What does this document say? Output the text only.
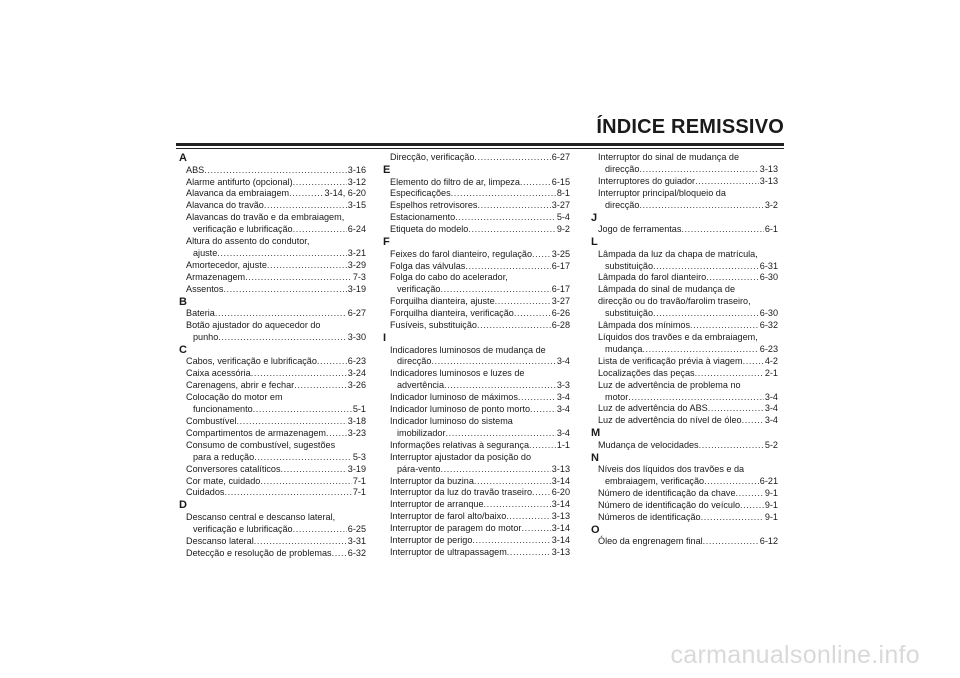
ÍNDICE REMISSIVO
A
ABS .....	3-16
Alarme antifurto (opcional) .....	3-12
Alavanca da embraiagem .....	3-14, 6-20
Alavanca do travão .....	3-15
Alavancas do travão e da embraiagem,
verificação e lubrificação .....	6-24
Altura do assento do condutor,
ajuste .....	3-21
Amortecedor, ajuste .....	3-29
Armazenagem .....	7-3
Assentos .....	3-19
B
Bateria .....	6-27
Botão ajustador do aquecedor do
punho .....	3-30
C
Cabos, verificação e lubrificação .....	6-23
Caixa acessória .....	3-24
Carenagens, abrir e fechar .....	3-26
Colocação do motor em
funcionamento .....	5-1
Combustível .....	3-18
Compartimentos de armazenagem ..... 3-23
Consumo de combustível, sugestões
para a redução .....	5-3
Conversores catalíticos .....	3-19
Cor mate, cuidado .....	7-1
Cuidados .....	7-1
D
Descanso central e descanso lateral,
verificação e lubrificação .....	6-25
Descanso lateral .....	3-31
Detecção e resolução de problemas ..... 6-32
Direcção, verificação .....	6-27
E
Elemento do filtro de ar, limpeza .....	6-15
Especificações .....	8-1
Espelhos retrovisores .....	3-27
Estacionamento .....	5-4
Etiqueta do modelo .....	9-2
F
Feixes do farol dianteiro, regulação ..... 3-25
Folga das válvulas .....	6-17
Folga do cabo do acelerador,
verificação .....	6-17
Forquilha dianteira, ajuste .....	3-27
Forquilha dianteira, verificação .....	6-26
Fusíveis, substituição .....	6-28
I
Indicadores luminosos de mudança de
direcção .....	3-4
Indicadores luminosos e luzes de
advertência .....	3-3
Indicador luminoso de máximos .....	3-4
Indicador luminoso de ponto morto .....	3-4
Indicador luminoso do sistema
imobilizador .....	3-4
Informações relativas à segurança .....	1-1
Interruptor ajustador da posição do
pára-vento .....	3-13
Interruptor da buzina .....	3-14
Interruptor da luz do travão traseiro ..... 6-20
Interruptor de arranque .....	3-14
Interruptor de farol alto/baixo .....	3-13
Interruptor de paragem do motor .....	3-14
Interruptor de perigo .....	3-14
Interruptor de ultrapassagem .....	3-13
Interruptor do sinal de mudança de
direcção .....	3-13
Interruptores do guiador .....	3-13
Interruptor principal/bloqueio da
direcção .....	3-2
J
Jogo de ferramentas .....	6-1
L
Lâmpada da luz da chapa de matrícula,
substituição .....	6-31
Lâmpada do farol dianteiro .....	6-30
Lâmpada do sinal de mudança de
direcção ou do travão/farolim traseiro,
substituição .....	6-30
Lâmpada dos mínimos .....	6-32
Líquidos dos travões e da embraiagem,
mudança .....	6-23
Lista de verificação prévia à viagem ..... 4-2
Localizações das peças .....	2-1
Luz de advertência de problema no
motor .....	3-4
Luz de advertência do ABS .....	3-4
Luz de advertência do nível de óleo .....	3-4
M
Mudança de velocidades .....	5-2
N
Níveis dos líquidos dos travões e da
embraiagem, verificação .....	6-21
Número de identificação da chave .....	9-1
Número de identificação do veículo .....	9-1
Números de identificação .....	9-1
O
Óleo da engrenagem final .....	6-12
carmanualsonline.info
